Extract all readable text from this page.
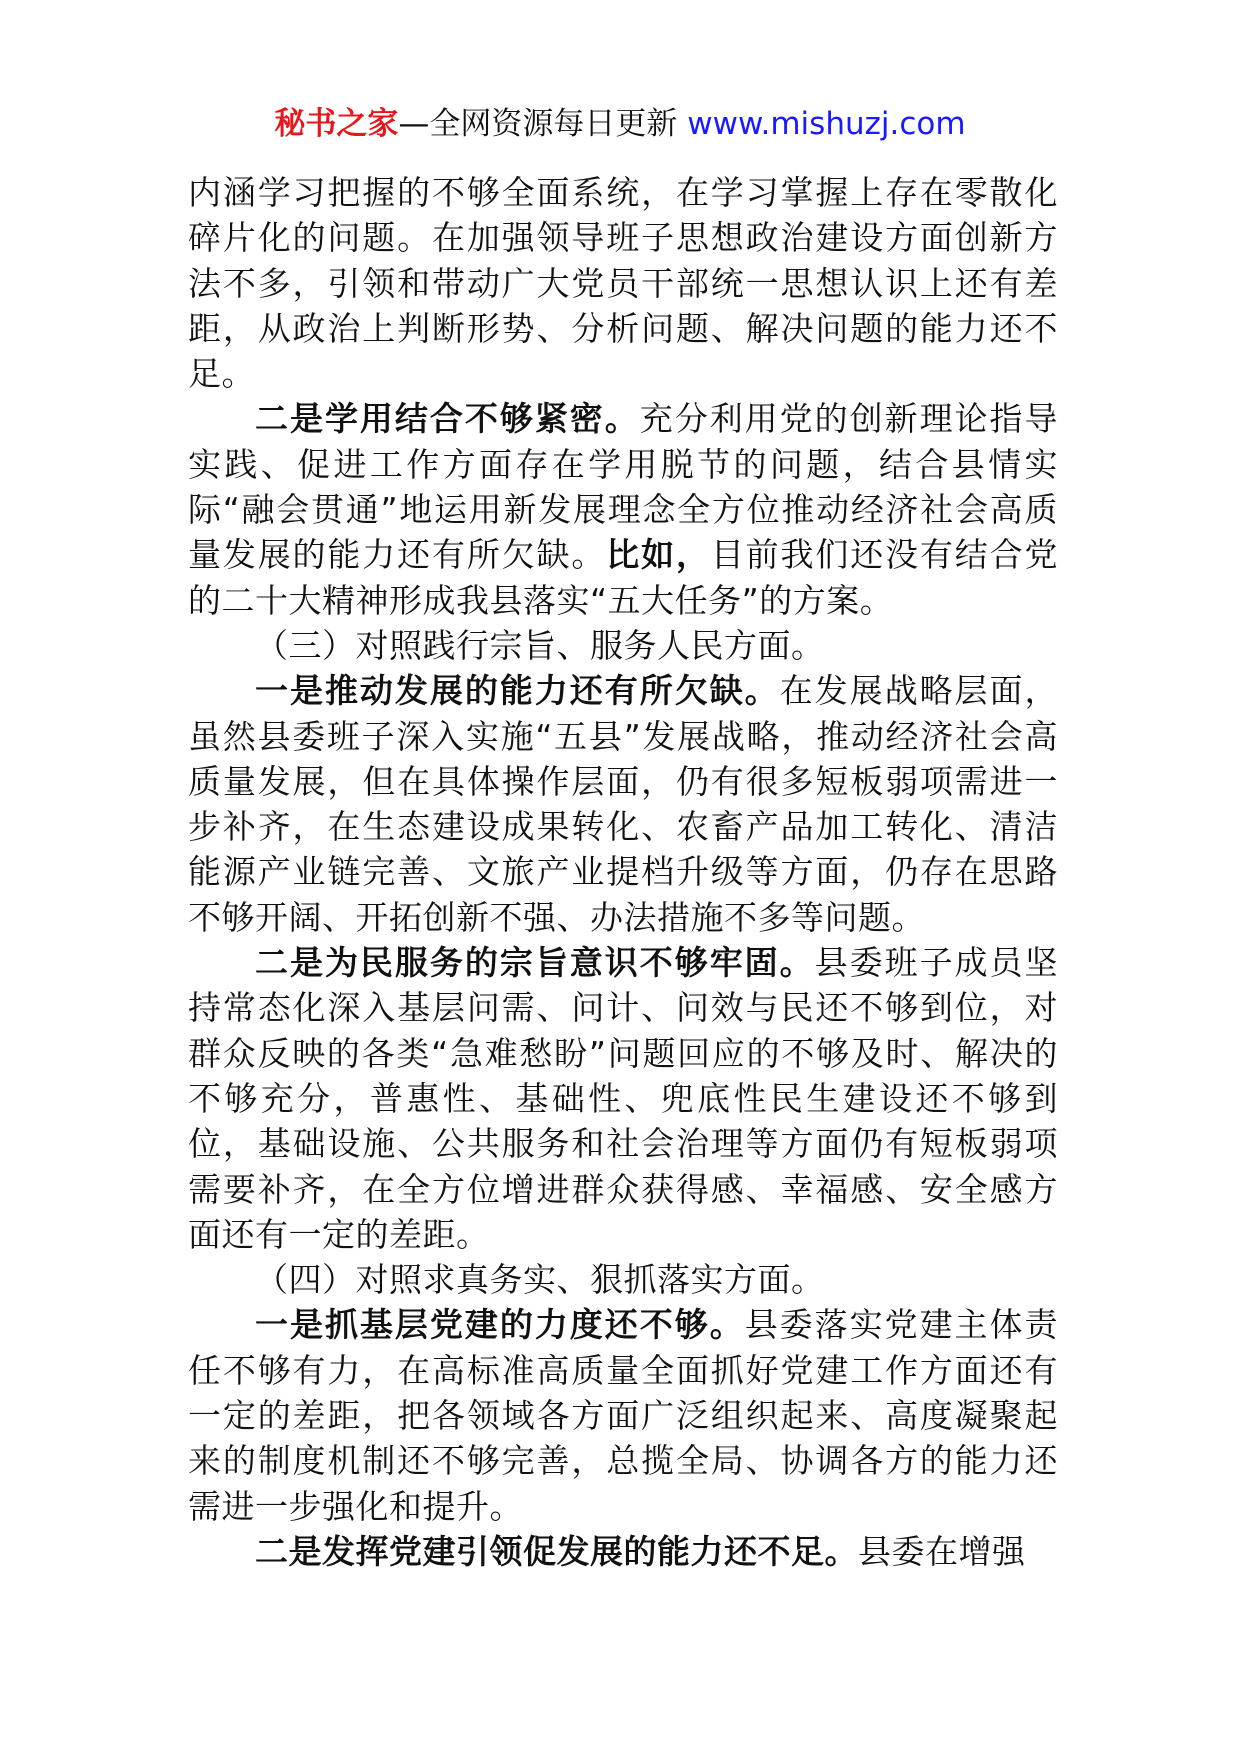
秘书之家—全网资源每日更新 www.mishuzj.com

内涵学习把握的不够全面系统，在学习掌握上存在零散化碎片化的问题。在加强领导班子思想政治建设方面创新方法不多，引领和带动广大党员干部统一思想认识上还有差距，从政治上判断形势、分析问题、解决问题的能力还不足。

二是学用结合不够紧密。充分利用党的创新理论指导实践、促进工作方面存在学用脱节的问题，结合县情实际“融会贯通”地运用新发展理念全方位推动经济社会高质量发展的能力还有所欠缺。比如，目前我们还没有结合党的二十大精神形成我县落实“五大任务”的方案。

（三）对照践行宗旨、服务人民方面。

一是推动发展的能力还有所欠缺。在发展战略层面，虽然县委班子深入实施“五县”发展战略，推动经济社会高质量发展，但在具体操作层面，仍有很多短板弱项需进一步补齐，在生态建设成果转化、农畜产品加工转化、清洁能源产业链完善、文旅产业提档升级等方面，仍存在思路不够开阔、开拓创新不强、办法措施不多等问题。

二是为民服务的宗旨意识不够牢固。县委班子成员坚持常态化深入基层问需、问计、问效与民还不够到位，对群众反映的各类“急难愁盼”问题回应的不够及时、解决的不够充分，普惠性、基础性、兜底性民生建设还不够到位，基础设施、公共服务和社会治理等方面仍有短板弱项需要补齐，在全方位增进群众获得感、幸福感、安全感方面还有一定的差距。

（四）对照求真务实、狠抓落实方面。

一是抓基层党建的力度还不够。县委落实党建主体责任不够有力，在高标准高质量全面抓好党建工作方面还有一定的差距，把各领域各方面广泛组织起来、高度凝聚起来的制度机制还不够完善，总揽全局、协调各方的能力还需进一步强化和提升。

二是发挥党建引领促发展的能力还不足。县委在增强
